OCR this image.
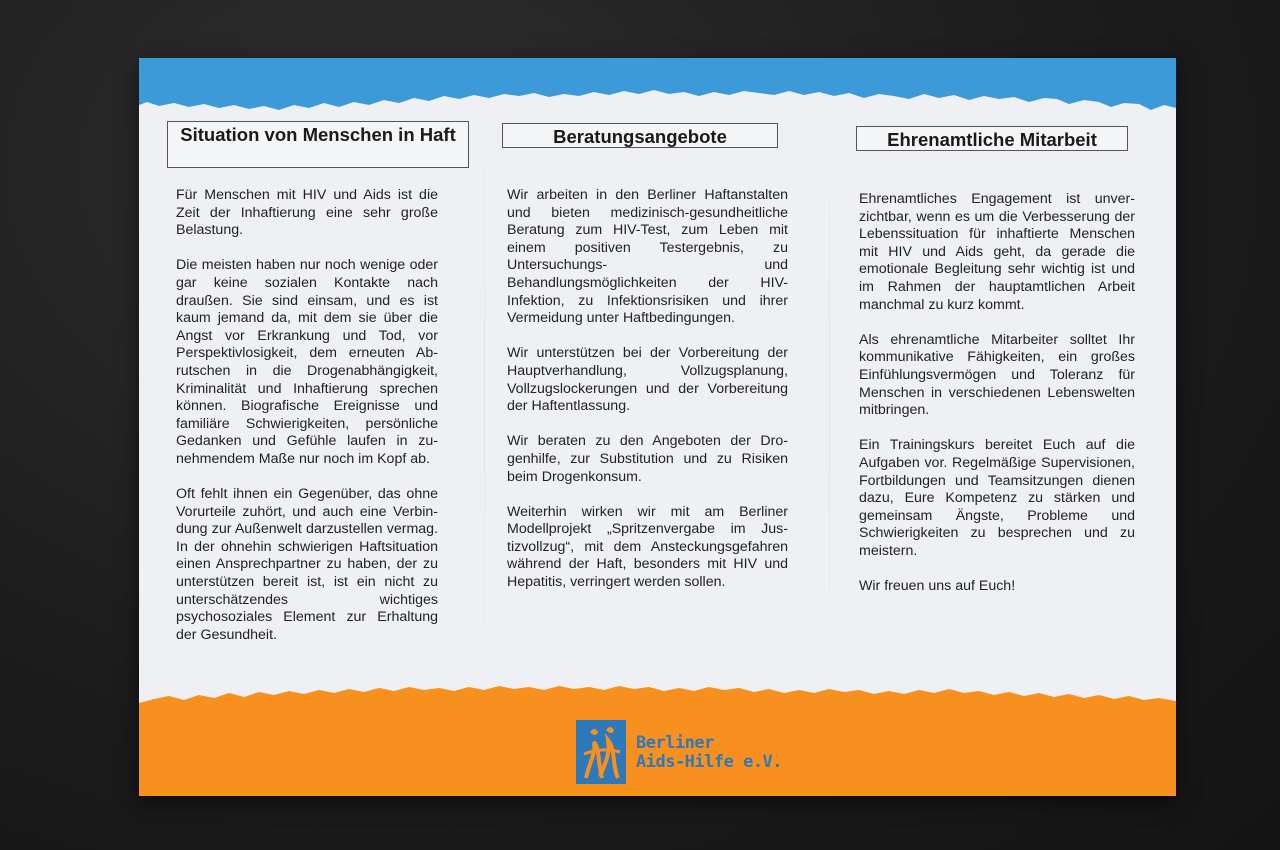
Situation von Menschen in Haft

Für Menschen mit HIV und Aids ist die Zeit der Inhaftierung eine sehr große Belastung.

Die meisten haben nur noch wenige oder gar keine sozialen Kontakte nach draußen. Sie sind einsam, und es ist kaum jemand da, mit dem sie über die Angst vor Erkrankung und Tod, vor Perspektivlosigkeit, dem erneuten Abrutschen in die Drogenabhängigkeit, Kriminalität und Inhaftierung sprechen können. Biografische Ereignisse und familiäre Schwierigkeiten, persönliche Gedanken und Gefühle laufen in zunehmendem Maße nur noch im Kopf ab.

Oft fehlt ihnen ein Gegenüber, das ohne Vorurteile zuhört, und auch eine Verbindung zur Außenwelt darzustellen vermag. In der ohnehin schwierigen Haftsituation einen Ansprechpartner zu haben, der zu unterstützen bereit ist, ist ein nicht zu unterschätzendes wichtiges psychosoziales Element zur Erhaltung der Gesundheit.

Beratungsangebote

Wir arbeiten in den Berliner Haftanstalten und bieten medizinisch-gesundheitliche Beratung zum HIV-Test, zum Leben mit einem positiven Testergebnis, zu Untersuchungs- und Behandlungsmöglichkeiten der HIV-Infektion, zu Infektionsrisiken und ihrer Vermeidung unter Haftbedingungen.

Wir unterstützen bei der Vorbereitung der Hauptverhandlung, Vollzugsplanung, Vollzugslockerungen und der Vorbereitung der Haftentlassung.

Wir beraten zu den Angeboten der Drogenhilfe, zur Substitution und zu Risiken beim Drogenkonsum.

Weiterhin wirken wir mit am Berliner Modellprojekt „Spritzenvergabe im Justizvollzug“, mit dem Ansteckungsgefahren während der Haft, besonders mit HIV und Hepatitis, verringert werden sollen.

Ehrenamtliche Mitarbeit

Ehrenamtliches Engagement ist unverzichtbar, wenn es um die Verbesserung der Lebenssituation für inhaftierte Menschen mit HIV und Aids geht, da gerade die emotionale Begleitung sehr wichtig ist und im Rahmen der hauptamtlichen Arbeit manchmal zu kurz kommt.

Als ehrenamtliche Mitarbeiter solltet Ihr kommunikative Fähigkeiten, ein großes Einfühlungsvermögen und Toleranz für Menschen in verschiedenen Lebenswelten mitbringen.

Ein Trainingskurs bereitet Euch auf die Aufgaben vor. Regelmäßige Supervisionen, Fortbildungen und Teamsitzungen dienen dazu, Eure Kompetenz zu stärken und gemeinsam Ängste, Probleme und Schwierigkeiten zu besprechen und zu meistern.

Wir freuen uns auf Euch!

Berliner
Aids-Hilfe e.V.
